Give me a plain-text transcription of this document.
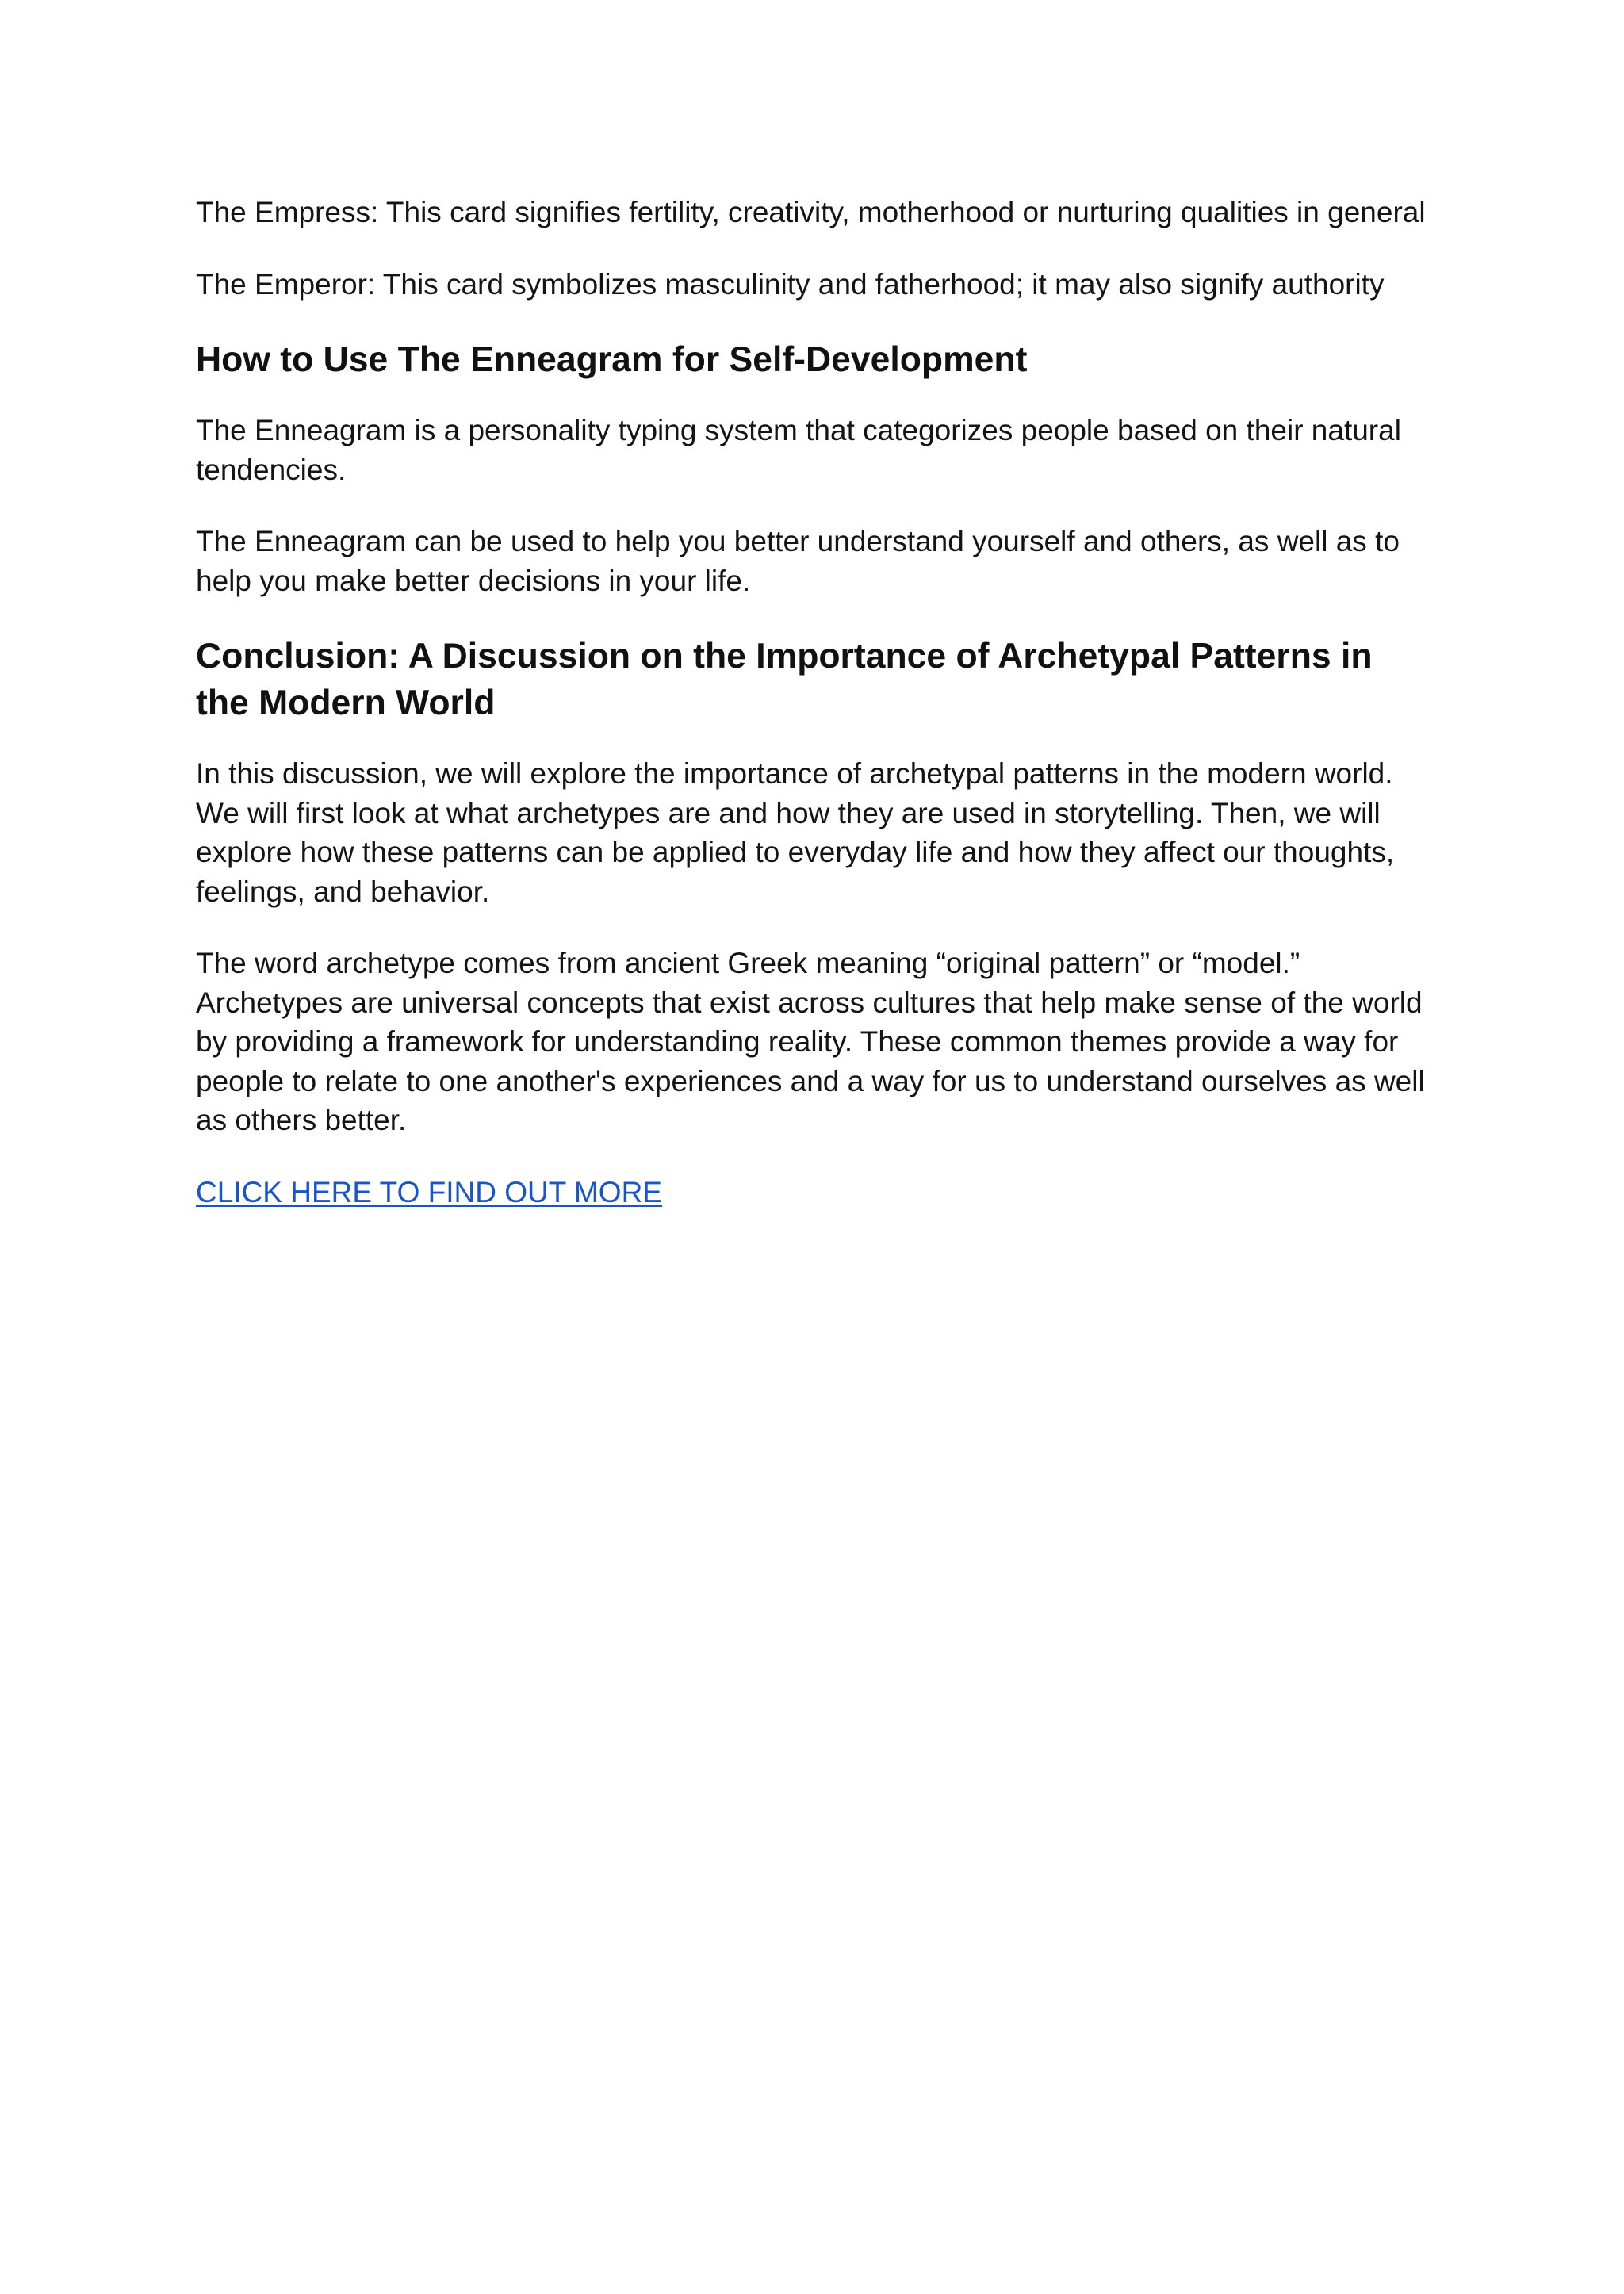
The Empress: This card signifies fertility, creativity, motherhood or nurturing qualities in general

The Emperor: This card symbolizes masculinity and fatherhood; it may also signify authority

How to Use The Enneagram for Self-Development

The Enneagram is a personality typing system that categorizes people based on their natural tendencies.

The Enneagram can be used to help you better understand yourself and others, as well as to help you make better decisions in your life.

Conclusion: A Discussion on the Importance of Archetypal Patterns in the Modern World

In this discussion, we will explore the importance of archetypal patterns in the modern world. We will first look at what archetypes are and how they are used in storytelling. Then, we will explore how these patterns can be applied to everyday life and how they affect our thoughts, feelings, and behavior.

The word archetype comes from ancient Greek meaning “original pattern” or “model.” Archetypes are universal concepts that exist across cultures that help make sense of the world by providing a framework for understanding reality. These common themes provide a way for people to relate to one another's experiences and a way for us to understand ourselves as well as others better.

CLICK HERE TO FIND OUT MORE
